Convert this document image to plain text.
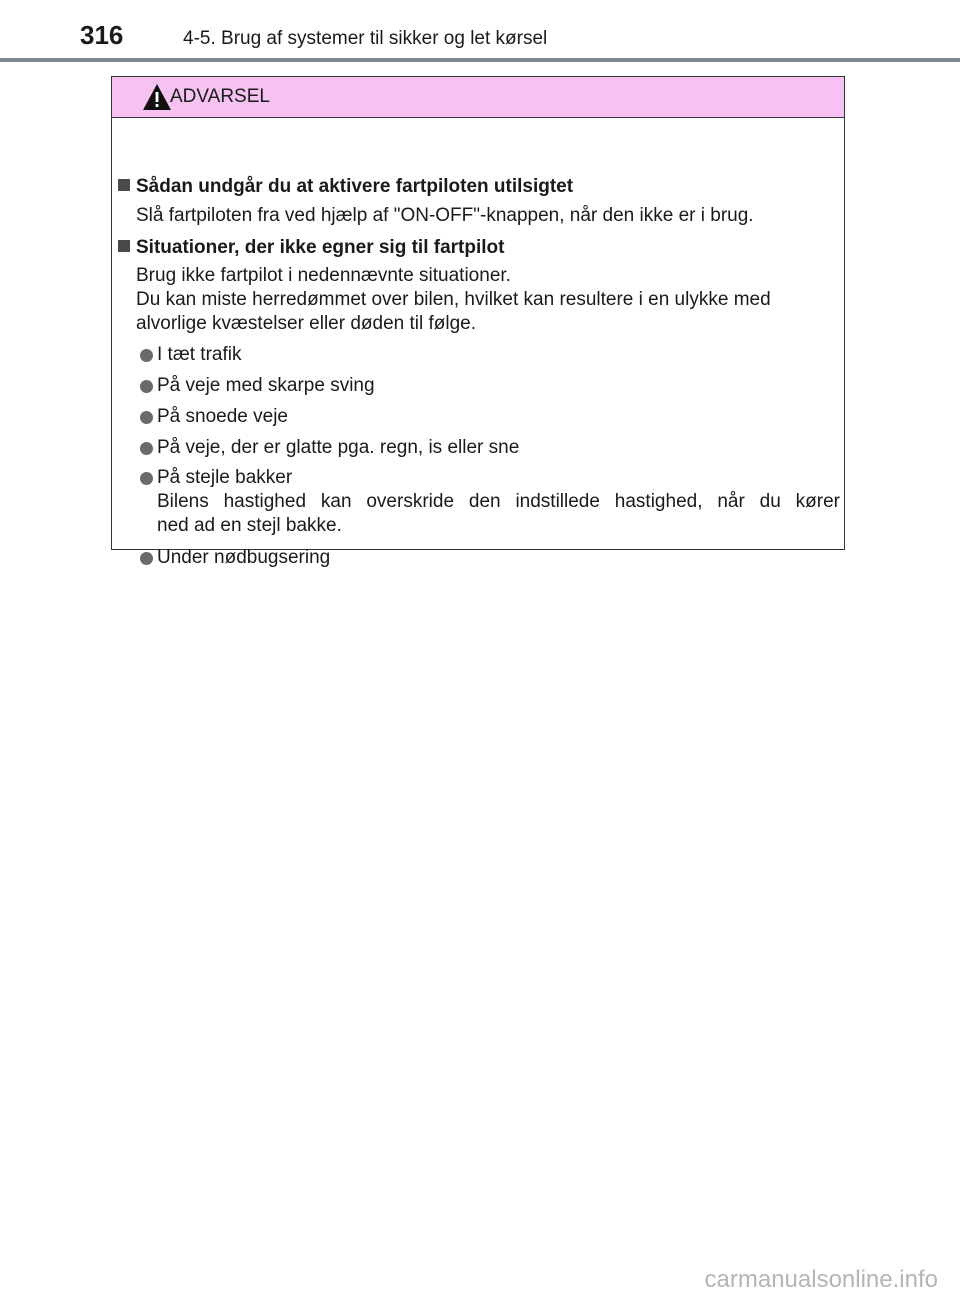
316	4-5. Brug af systemer til sikker og let kørsel
ADVARSEL
Sådan undgår du at aktivere fartpiloten utilsigtet
Slå fartpiloten fra ved hjælp af "ON-OFF"-knappen, når den ikke er i brug.
Situationer, der ikke egner sig til fartpilot
Brug ikke fartpilot i nedennævnte situationer.
Du kan miste herredømmet over bilen, hvilket kan resultere i en ulykke med
alvorlige kvæstelser eller døden til følge.
I tæt trafik
På veje med skarpe sving
På snoede veje
På veje, der er glatte pga. regn, is eller sne
På stejle bakker
Bilens hastighed kan overskride den indstillede hastighed, når du kører
ned ad en stejl bakke.
Under nødbugsering
carmanualsonline.info
